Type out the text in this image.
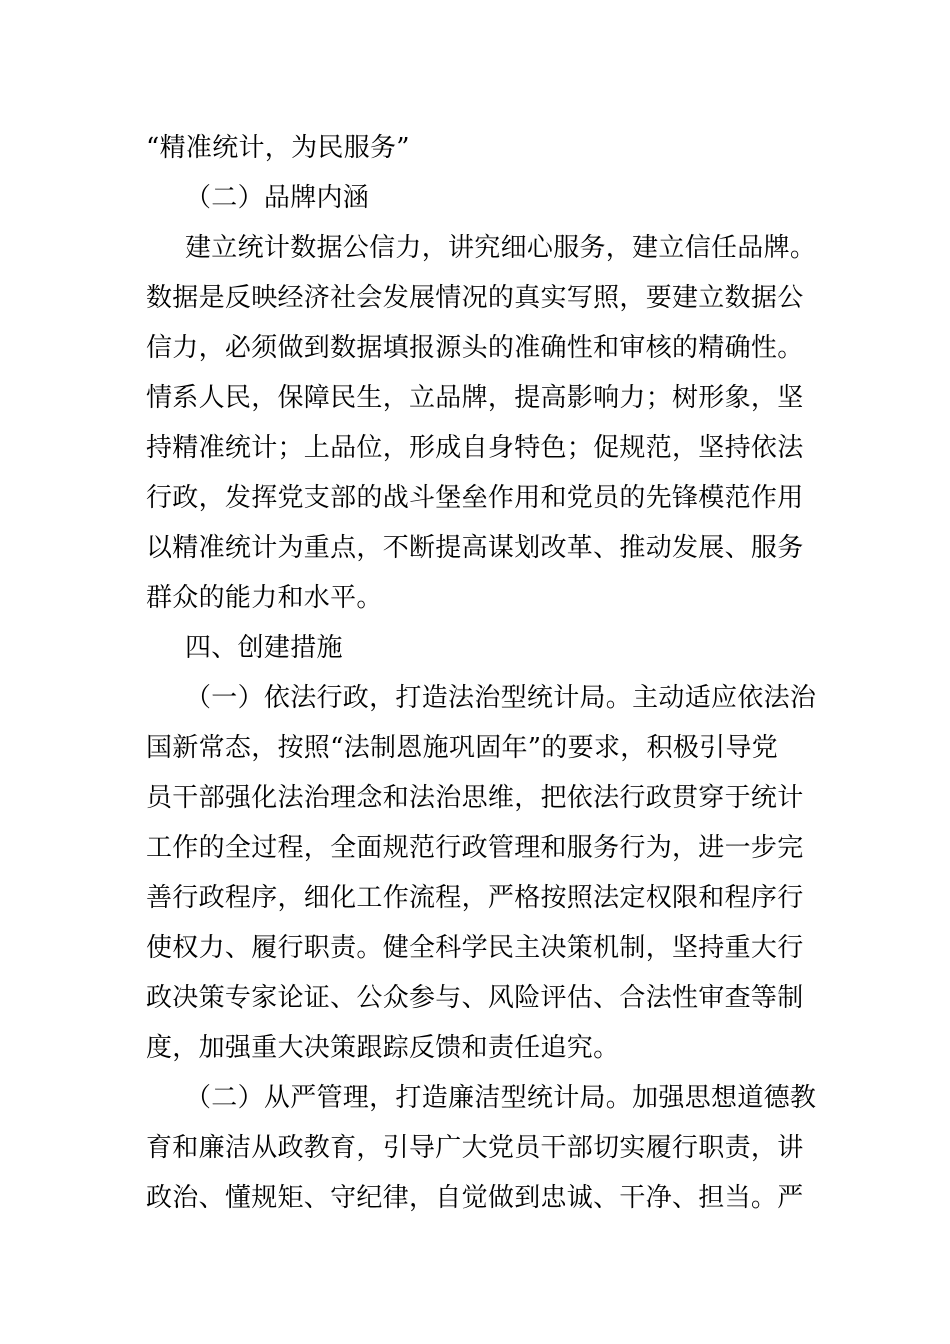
“精准统计，为民服务”
（二）品牌内涵
建立统计数据公信力，讲究细心服务，建立信任品牌。
数据是反映经济社会发展情况的真实写照，要建立数据公
信力，必须做到数据填报源头的准确性和审核的精确性。
情系人民，保障民生，立品牌，提高影响力；树形象，坚
持精准统计；上品位，形成自身特色；促规范，坚持依法
行政，发挥党支部的战斗堡垒作用和党员的先锋模范作用
以精准统计为重点，不断提高谋划改革、推动发展、服务
群众的能力和水平。
四、创建措施
（一）依法行政，打造法治型统计局。主动适应依法治
国新常态，按照“法制恩施巩固年”的要求，积极引导党
员干部强化法治理念和法治思维，把依法行政贯穿于统计
工作的全过程，全面规范行政管理和服务行为，进一步完
善行政程序，细化工作流程，严格按照法定权限和程序行
使权力、履行职责。健全科学民主决策机制，坚持重大行
政决策专家论证、公众参与、风险评估、合法性审查等制
度，加强重大决策跟踪反馈和责任追究。
（二）从严管理，打造廉洁型统计局。加强思想道德教
育和廉洁从政教育，引导广大党员干部切实履行职责，讲
政治、懂规矩、守纪律，自觉做到忠诚、干净、担当。严
